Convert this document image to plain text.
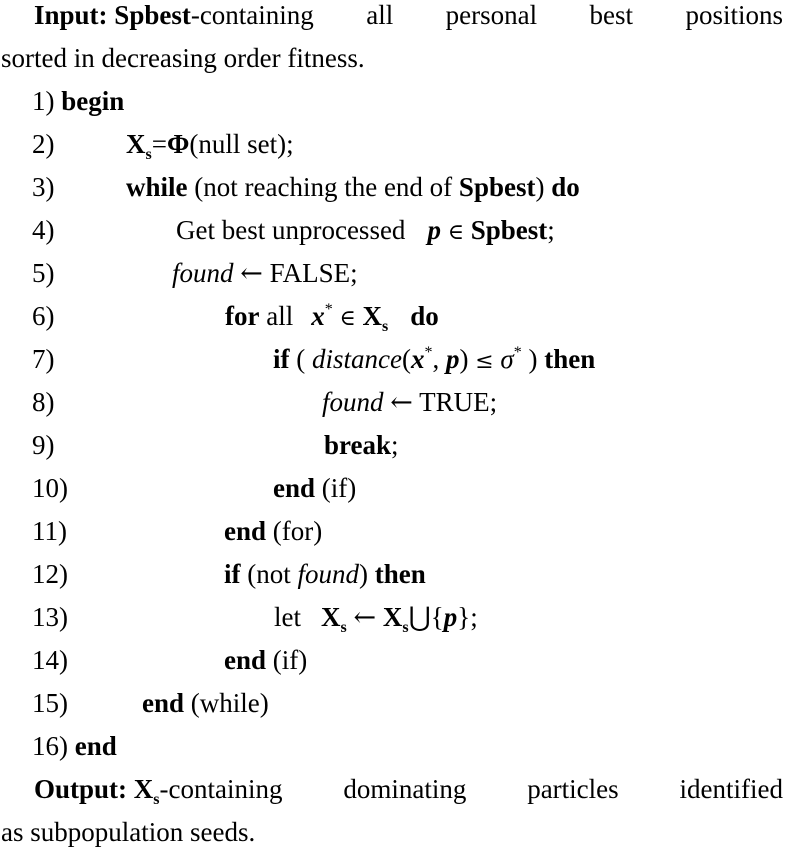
Input: Spbest-containing all personal best positions
sorted in decreasing order fitness.
1) begin
2)	$X_s=\Phi(null$ set);
3)	while (not reaching the end of Spbest) do
4)	Get best unprocessed p ∈ Spbest;
5)	found ← FALSE;
6)	for all x* ∈ $X_s$ do
7)	if ( distance(x*, p) ≤ σ* ) then
8)	found ← TRUE;
9)	break;
10)	end (if)
11)	end (for)
12)	if (not found) then
13)	let $X_s$ ← $X_s⋃\{p\}$;
14)	end (if)
15)	end (while)
16) end
Output: $X_s$-containing dominating particles identified
as subpopulation seeds.
